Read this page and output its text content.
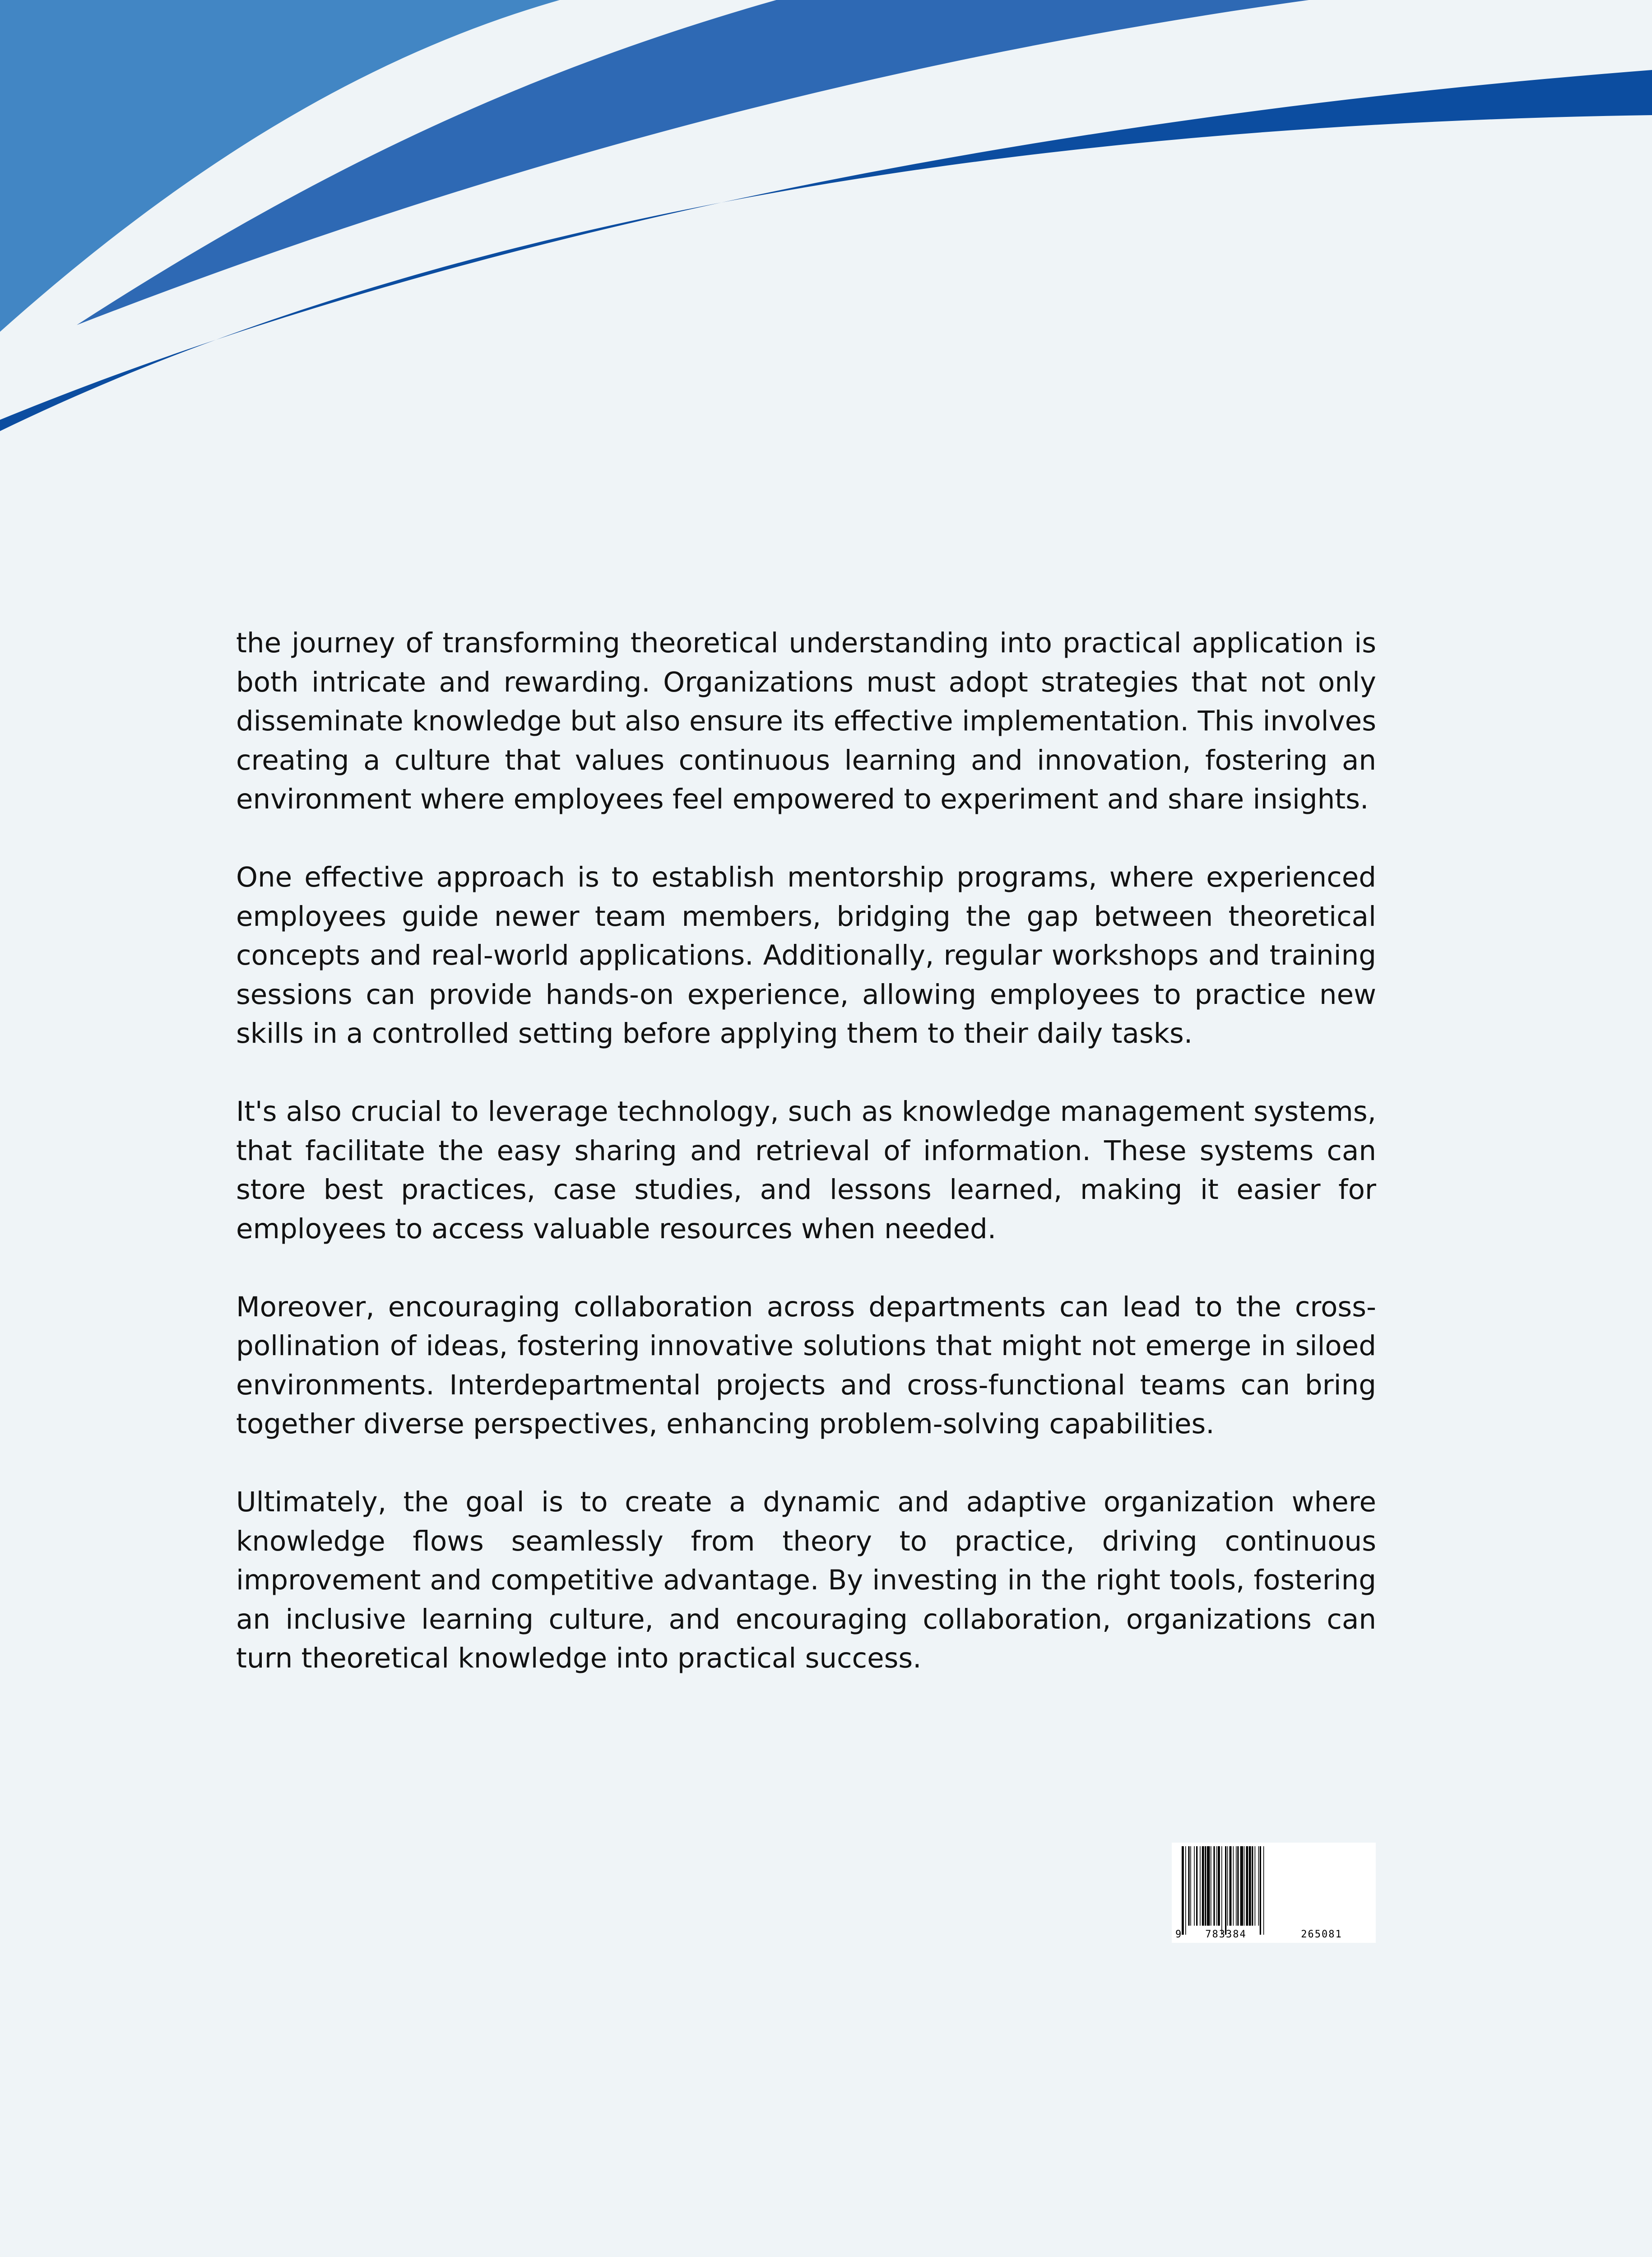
the journey of transforming theoretical understanding into practical application is both intricate and rewarding. Organizations must adopt strategies that not only disseminate knowledge but also ensure its effective implementation. This involves creating a culture that values continuous learning and innovation, fostering an environment where employees feel empowered to experiment and share insights.

One effective approach is to establish mentorship programs, where experienced employees guide newer team members, bridging the gap between theoretical concepts and real-world applications. Additionally, regular workshops and training sessions can provide hands-on experience, allowing employees to practice new skills in a controlled setting before applying them to their daily tasks.

It's also crucial to leverage technology, such as knowledge management systems, that facilitate the easy sharing and retrieval of information. These systems can store best practices, case studies, and lessons learned, making it easier for employees to access valuable resources when needed.

Moreover, encouraging collaboration across departments can lead to the cross-pollination of ideas, fostering innovative solutions that might not emerge in siloed environments. Interdepartmental projects and cross-functional teams can bring together diverse perspectives, enhancing problem-solving capabilities.

Ultimately, the goal is to create a dynamic and adaptive organization where knowledge flows seamlessly from theory to practice, driving continuous improvement and competitive advantage. By investing in the right tools, fostering an inclusive learning culture, and encouraging collaboration, organizations can turn theoretical knowledge into practical success.

9 783384	265081
